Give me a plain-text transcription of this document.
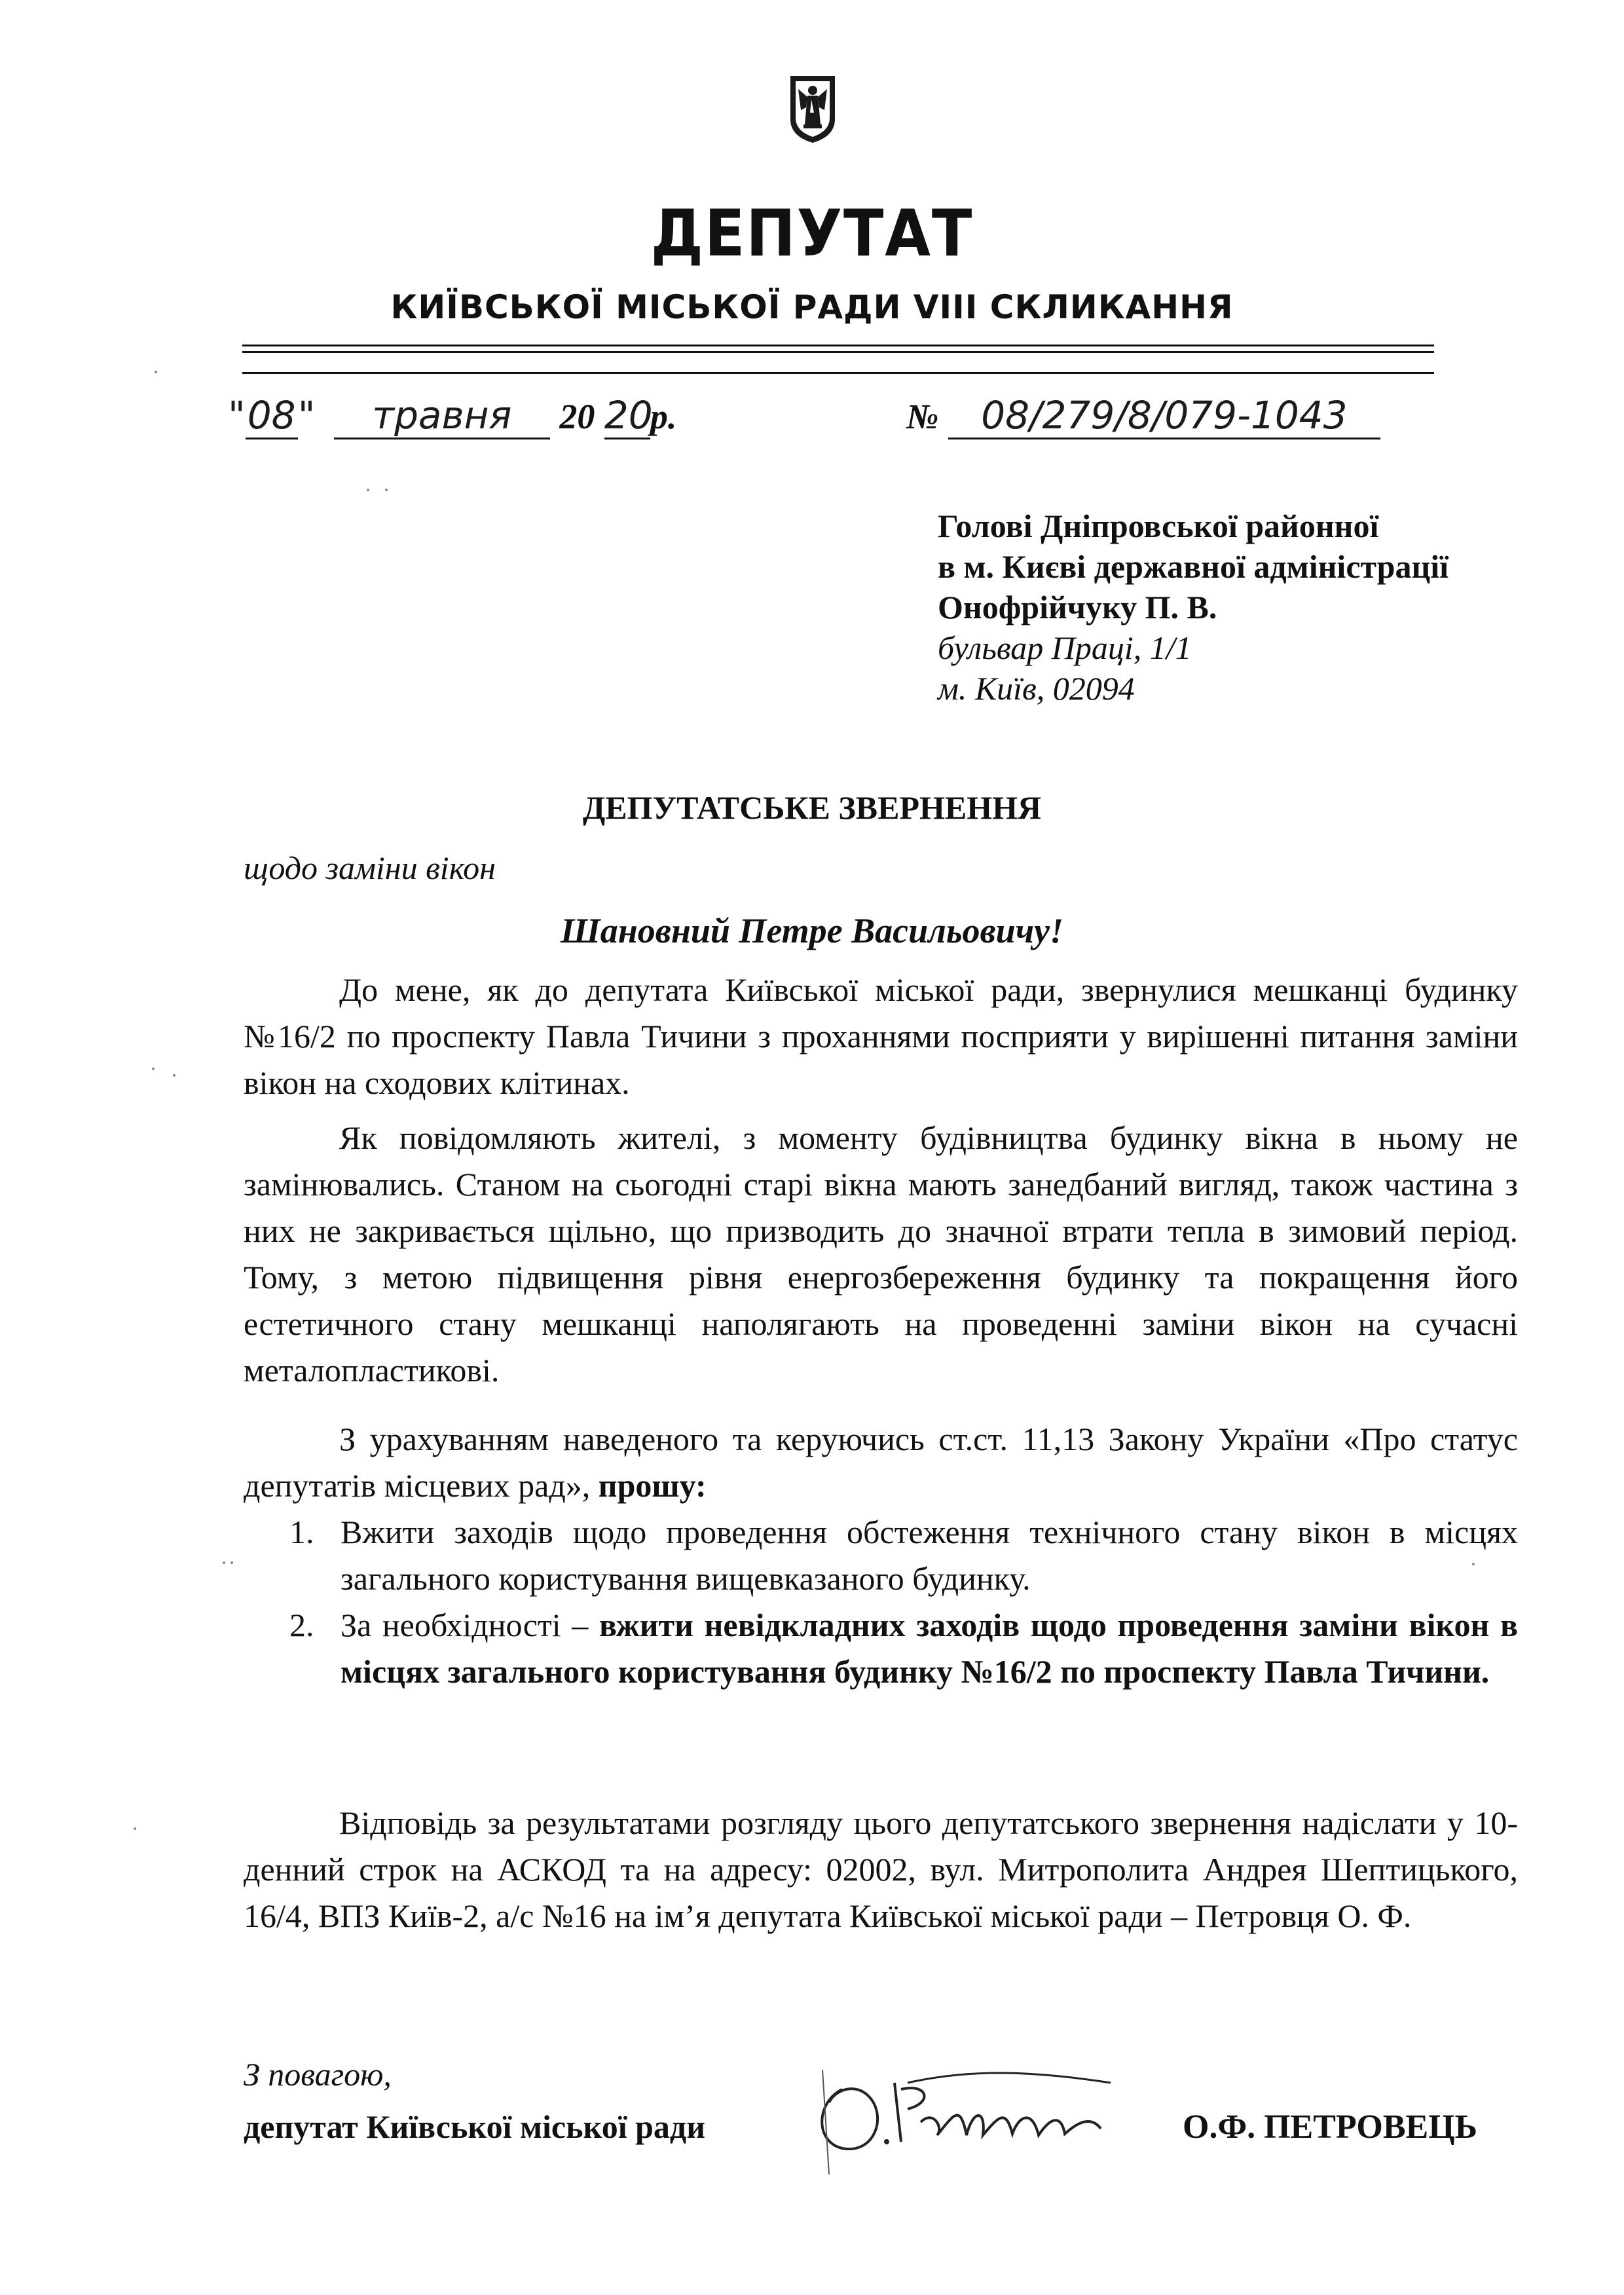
ДЕПУТАТ
КИЇВСЬКОЇ МІСЬКОЇ РАДИ VIII СКЛИКАННЯ
"08" травня 20 20р.	№ 08/279/8/079-1043
Голові Дніпровської районної
в м. Києві державної адміністрації
Онофрійчуку П. В.
бульвар Праці, 1/1
м. Київ, 02094
ДЕПУТАТСЬКЕ ЗВЕРНЕННЯ
щодо заміни вікон
Шановний Петре Васильовичу!
До мене, як до депутата Київської міської ради, звернулися мешканці будинку №16/2 по проспекту Павла Тичини з проханнями посприяти у вирішенні питання заміни вікон на сходових клітинах.
Як повідомляють жителі, з моменту будівництва будинку вікна в ньому не замінювались. Станом на сьогодні старі вікна мають занедбаний вигляд, також частина з них не закривається щільно, що призводить до значної втрати тепла в зимовий період. Тому, з метою підвищення рівня енергозбереження будинку та покращення його естетичного стану мешканці наполягають на проведенні заміни вікон на сучасні металопластикові.
З урахуванням наведеного та керуючись ст.ст. 11,13 Закону України «Про статус депутатів місцевих рад», прошу:
1. Вжити заходів щодо проведення обстеження технічного стану вікон в місцях загального користування вищевказаного будинку.
2. За необхідності – вжити невідкладних заходів щодо проведення заміни вікон в місцях загального користування будинку №16/2 по проспекту Павла Тичини.
Відповідь за результатами розгляду цього депутатського звернення надіслати у 10-денний строк на АСКОД та на адресу: 02002, вул. Митрополита Андрея Шептицького, 16/4, ВПЗ Київ-2, а/с №16 на ім’я депутата Київської міської ради – Петровця О. Ф.
З повагою,
депутат Київської міської ради	О.Ф. ПЕТРОВЕЦЬ
